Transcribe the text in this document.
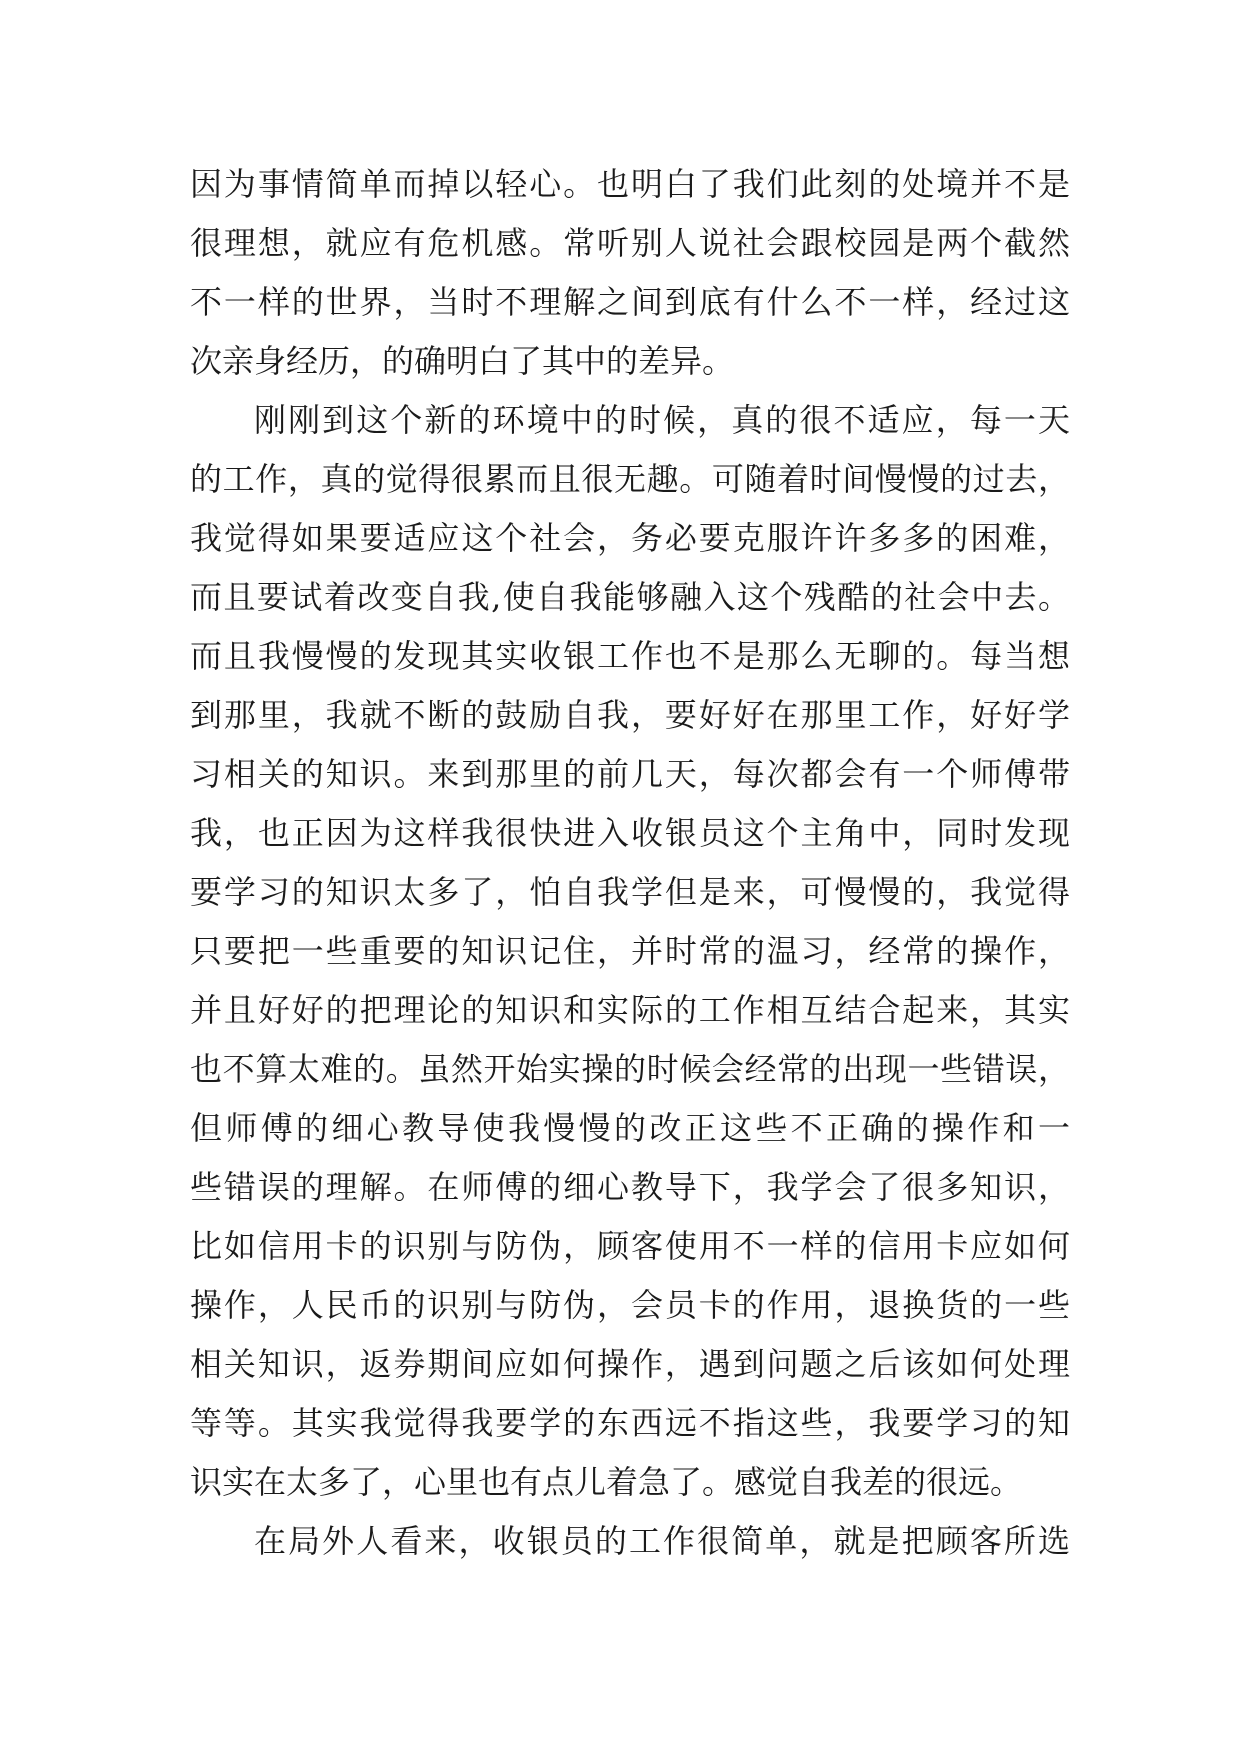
因为事情简单而掉以轻心。也明白了我们此刻的处境并不是
很理想，就应有危机感。常听别人说社会跟校园是两个截然
不一样的世界，当时不理解之间到底有什么不一样，经过这
次亲身经历，的确明白了其中的差异。
刚刚到这个新的环境中的时候，真的很不适应，每一天
的工作，真的觉得很累而且很无趣。可随着时间慢慢的过去，
我觉得如果要适应这个社会，务必要克服许许多多的困难，
而且要试着改变自我,使自我能够融入这个残酷的社会中去。
而且我慢慢的发现其实收银工作也不是那么无聊的。每当想
到那里，我就不断的鼓励自我，要好好在那里工作，好好学
习相关的知识。来到那里的前几天，每次都会有一个师傅带
我，也正因为这样我很快进入收银员这个主角中，同时发现
要学习的知识太多了，怕自我学但是来，可慢慢的，我觉得
只要把一些重要的知识记住，并时常的温习，经常的操作，
并且好好的把理论的知识和实际的工作相互结合起来，其实
也不算太难的。虽然开始实操的时候会经常的出现一些错误，
但师傅的细心教导使我慢慢的改正这些不正确的操作和一
些错误的理解。在师傅的细心教导下，我学会了很多知识，
比如信用卡的识别与防伪，顾客使用不一样的信用卡应如何
操作，人民币的识别与防伪，会员卡的作用，退换货的一些
相关知识，返券期间应如何操作，遇到问题之后该如何处理
等等。其实我觉得我要学的东西远不指这些，我要学习的知
识实在太多了，心里也有点儿着急了。感觉自我差的很远。
在局外人看来，收银员的工作很简单，就是把顾客所选
